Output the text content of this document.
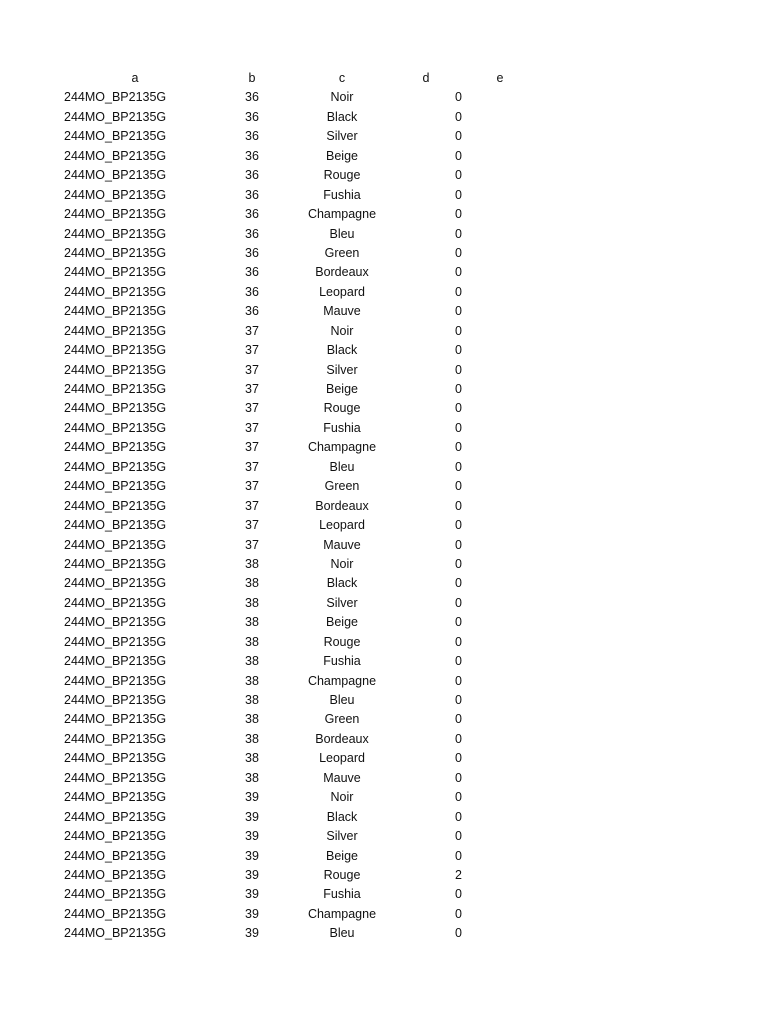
a	b	c	d	e
244MO_BP2135G	36	Noir	0
244MO_BP2135G	36	Black	0
244MO_BP2135G	36	Silver	0
244MO_BP2135G	36	Beige	0
244MO_BP2135G	36	Rouge	0
244MO_BP2135G	36	Fushia	0
244MO_BP2135G	36	Champagne	0
244MO_BP2135G	36	Bleu	0
244MO_BP2135G	36	Green	0
244MO_BP2135G	36	Bordeaux	0
244MO_BP2135G	36	Leopard	0
244MO_BP2135G	36	Mauve	0
244MO_BP2135G	37	Noir	0
244MO_BP2135G	37	Black	0
244MO_BP2135G	37	Silver	0
244MO_BP2135G	37	Beige	0
244MO_BP2135G	37	Rouge	0
244MO_BP2135G	37	Fushia	0
244MO_BP2135G	37	Champagne	0
244MO_BP2135G	37	Bleu	0
244MO_BP2135G	37	Green	0
244MO_BP2135G	37	Bordeaux	0
244MO_BP2135G	37	Leopard	0
244MO_BP2135G	37	Mauve	0
244MO_BP2135G	38	Noir	0
244MO_BP2135G	38	Black	0
244MO_BP2135G	38	Silver	0
244MO_BP2135G	38	Beige	0
244MO_BP2135G	38	Rouge	0
244MO_BP2135G	38	Fushia	0
244MO_BP2135G	38	Champagne	0
244MO_BP2135G	38	Bleu	0
244MO_BP2135G	38	Green	0
244MO_BP2135G	38	Bordeaux	0
244MO_BP2135G	38	Leopard	0
244MO_BP2135G	38	Mauve	0
244MO_BP2135G	39	Noir	0
244MO_BP2135G	39	Black	0
244MO_BP2135G	39	Silver	0
244MO_BP2135G	39	Beige	0
244MO_BP2135G	39	Rouge	2
244MO_BP2135G	39	Fushia	0
244MO_BP2135G	39	Champagne	0
244MO_BP2135G	39	Bleu	0
